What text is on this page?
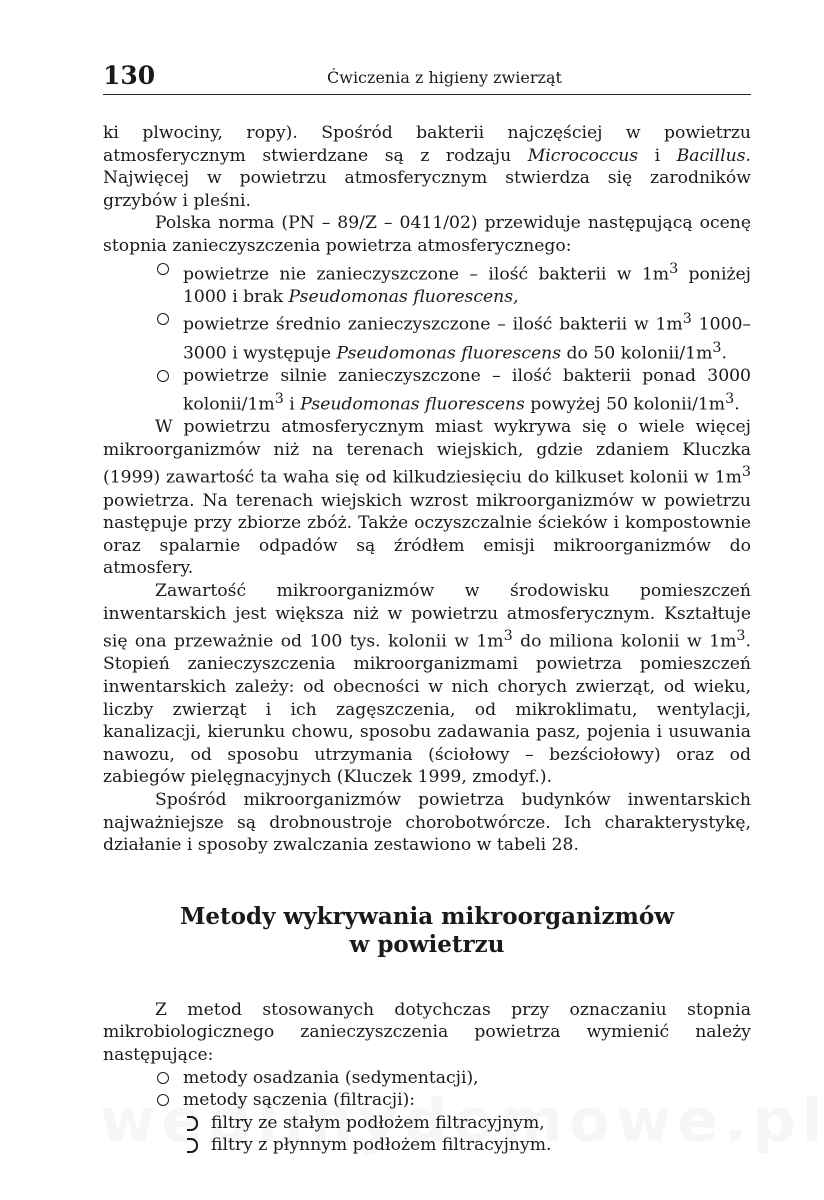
130	Ćwiczenia z higieny zwierząt

ki plwociny, ropy). Spośród bakterii najczęściej w powietrzu atmosferycznym stwierdzane są z rodzaju Micrococcus i Bacillus. Najwięcej w powietrzu atmosferycznym stwierdza się zarodników grzybów i pleśni.

Polska norma (PN – 89/Z – 0411/02) przewiduje następującą ocenę stopnia zanieczyszczenia powietrza atmosferycznego:

powietrze nie zanieczyszczone – ilość bakterii w $1m^3$ poniżej 1000 i brak Pseudomonas fluorescens,
powietrze średnio zanieczyszczone – ilość bakterii w $1m^3$ 1000–3000 i występuje Pseudomonas fluorescens do 50 kolonii/$1m^3$.
powietrze silnie zanieczyszczone – ilość bakterii ponad 3000 kolonii/$1m^3$ i Pseudomonas fluorescens powyżej 50 kolonii/$1m^3$.

W powietrzu atmosferycznym miast wykrywa się o wiele więcej mikroorganizmów niż na terenach wiejskich, gdzie zdaniem Kluczka (1999) zawartość ta waha się od kilkudziesięciu do kilkuset kolonii w $1m^3$ powietrza. Na terenach wiejskich wzrost mikroorganizmów w powietrzu następuje przy zbiorze zbóż. Także oczyszczalnie ścieków i kompostownie oraz spalarnie odpadów są źródłem emisji mikroorganizmów do atmosfery.

Zawartość mikroorganizmów w środowisku pomieszczeń inwentarskich jest większa niż w powietrzu atmosferycznym. Kształtuje się ona przeważnie od 100 tys. kolonii w $1m^3$ do miliona kolonii w $1m^3$. Stopień zanieczyszczenia mikroorganizmami powietrza pomieszczeń inwentarskich zależy: od obecności w nich chorych zwierząt, od wieku, liczby zwierząt i ich zagęszczenia, od mikroklimatu, wentylacji, kanalizacji, kierunku chowu, sposobu zadawania pasz, pojenia i usuwania nawozu, od sposobu utrzymania (ściołowy – bezściołowy) oraz od zabiegów pielęgnacyjnych (Kluczek 1999, zmodyf.).

Spośród mikroorganizmów powietrza budynków inwentarskich najważniejsze są drobnoustroje chorobotwórcze. Ich charakterystykę, działanie i sposoby zwalczania zestawiono w tabeli 28.

Metody wykrywania mikroorganizmów
w powietrzu

Z metod stosowanych dotychczas przy oznaczaniu stopnia mikrobiologicznego zanieczyszczenia powietrza wymienić należy następujące:

metody osadzania (sedymentacji),
metody sączenia (filtracji):
filtry ze stałym podłożem filtracyjnym,
filtry z płynnym podłożem filtracyjnym.
